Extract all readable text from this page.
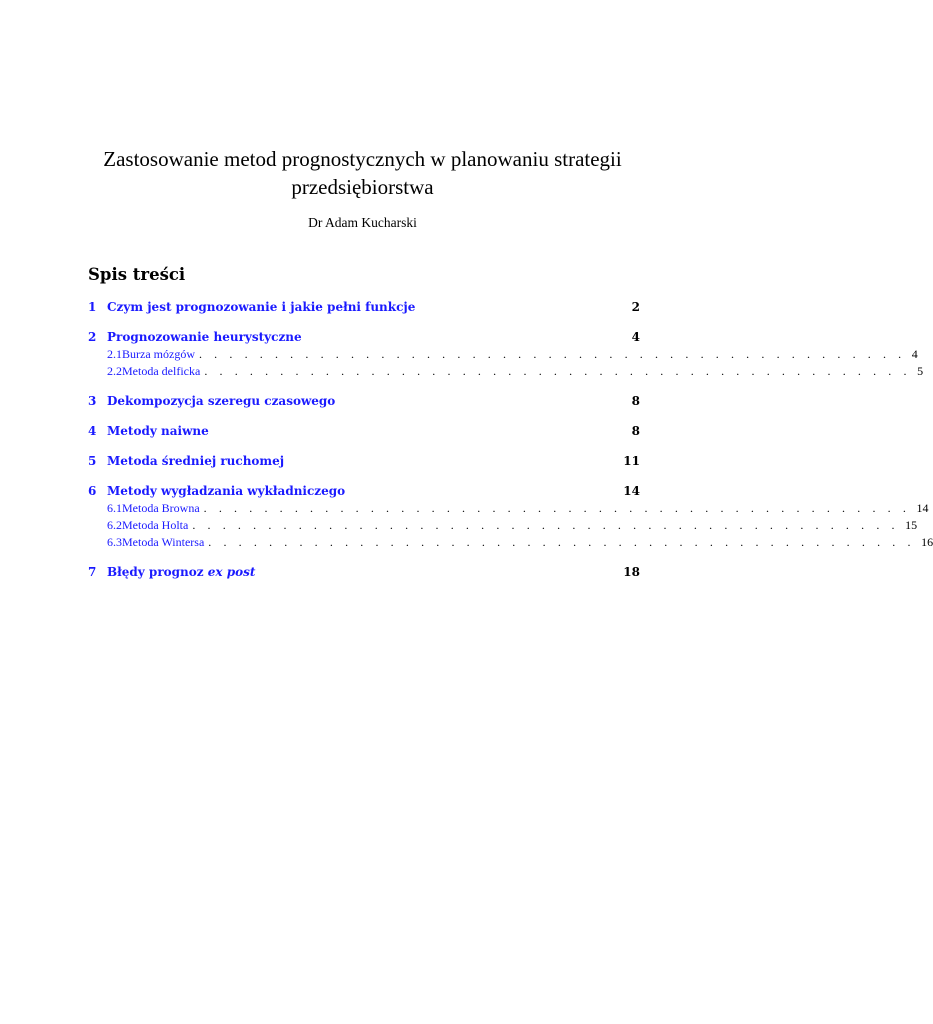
Zastosowanie metod prognostycznych w planowaniu strategii
przedsiębiorstwa
Dr Adam Kucharski
Spis treści
1 Czym jest prognozowanie i jakie pełni funkcje	2
2 Prognozowanie heurystyczne	4
2.1 Burza mózgów . . . . . . . . . . . . . . . . . . . . . . . . . . . . . . . . . . . . . . . . . . . . . . . 4
2.2 Metoda delficka . . . . . . . . . . . . . . . . . . . . . . . . . . . . . . . . . . . . . . . . . . . . . . . 5
3 Dekompozycja szeregu czasowego	8
4 Metody naiwne	8
5 Metoda średniej ruchomej	11
6 Metody wygładzania wykładniczego	14
6.1 Metoda Browna . . . . . . . . . . . . . . . . . . . . . . . . . . . . . . . . . . . . . . . . . . . . . . . 14
6.2 Metoda Holta . . . . . . . . . . . . . . . . . . . . . . . . . . . . . . . . . . . . . . . . . . . . . . . 15
6.3 Metoda Wintersa . . . . . . . . . . . . . . . . . . . . . . . . . . . . . . . . . . . . . . . . . . . . . . . 16
7 Błędy prognoz ex post	18
